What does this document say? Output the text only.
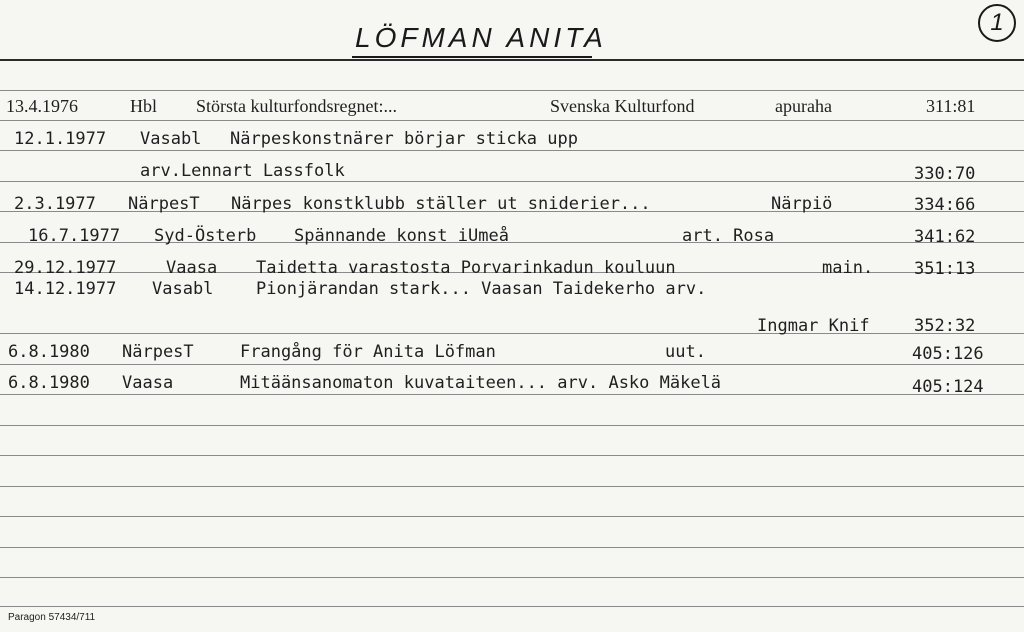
LÖFMAN ANITA	1
13.4.1976	Hbl Största kulturfondsregnet:...	Svenska Kulturfond	apuraha	311:81
12.1.1977 Vasabl Närpeskonstnärer börjar sticka upp
arv.Lennart Lassfolk	330:70
2.3.1977 NärpesT Närpes konstklubb ställer ut sniderier...	Närpiö	334:66
16.7.1977 Syd-Österb Spännande konst iUmeå	art. Rosa	341:62
29.12.1977	Vaasa Taidetta varastosta Porvarinkadun kouluun	main. 351:13
14.12.1977 Vasabl	Pionjärandan stark... Vaasan Taidekerho arv.
Ingmar Knif	352:32
6.8.1980 NärpesT	Frangång för Anita Löfman	uut.	405:126
6.8.1980 Vaasa	Mitäänsanomaton kuvataiteen... arv. Asko Mäkelä	405:124
Paragon 57434/711
